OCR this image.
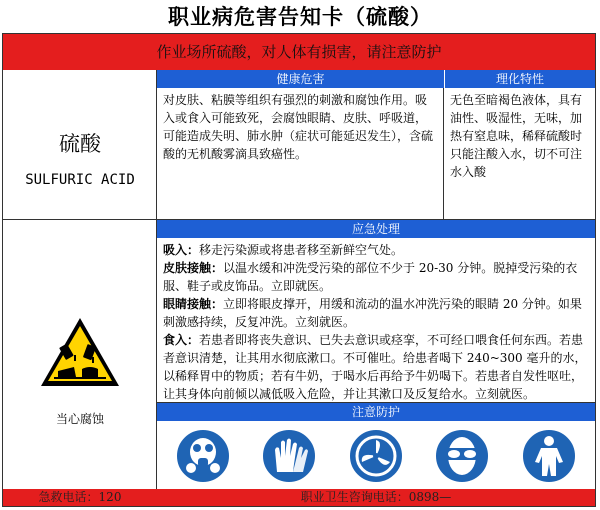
职业病危害告知卡（硫酸）
作业场所硫酸，对人体有损害，请注意防护
硫酸
SULFURIC ACID
健康危害	理化特性
对皮肤、粘膜等组织有强烈的刺激和腐蚀作用。吸入或食入可能致死，会腐蚀眼睛、皮肤、呼吸道，可能造成失明、肺水肿（症状可能延迟发生），含硫酸的无机酸雾滴具致癌性。
无色至暗褐色液体，具有油性、吸湿性，无味，加热有窒息味，稀释硫酸时只能注酸入水，切不可注水入酸
当心腐蚀
应急处理

吸入：移走污染源或将患者移至新鲜空气处。

皮肤接触：以温水缓和冲洗受污染的部位不少于 20-30 分钟。脱掉受污染的衣服、鞋子或皮饰品。立即就医。

眼睛接触：立即将眼皮撑开，用缓和流动的温水冲洗污染的眼睛 20 分钟。如果刺激感持续，反复冲洗。立刻就医。

食入：若患者即将丧失意识、已失去意识或痉挛，不可经口喂食任何东西。若患者意识清楚，让其用水彻底漱口。不可催吐。给患者喝下 240~300 毫升的水，以稀释胃中的物质；若有牛奶，于喝水后再给予牛奶喝下。若患者自发性呕吐，让其身体向前倾以减低吸入危险，并让其漱口及反复给水。立刻就医。

注意防护
急救电话：120	职业卫生咨询电话：0898—
